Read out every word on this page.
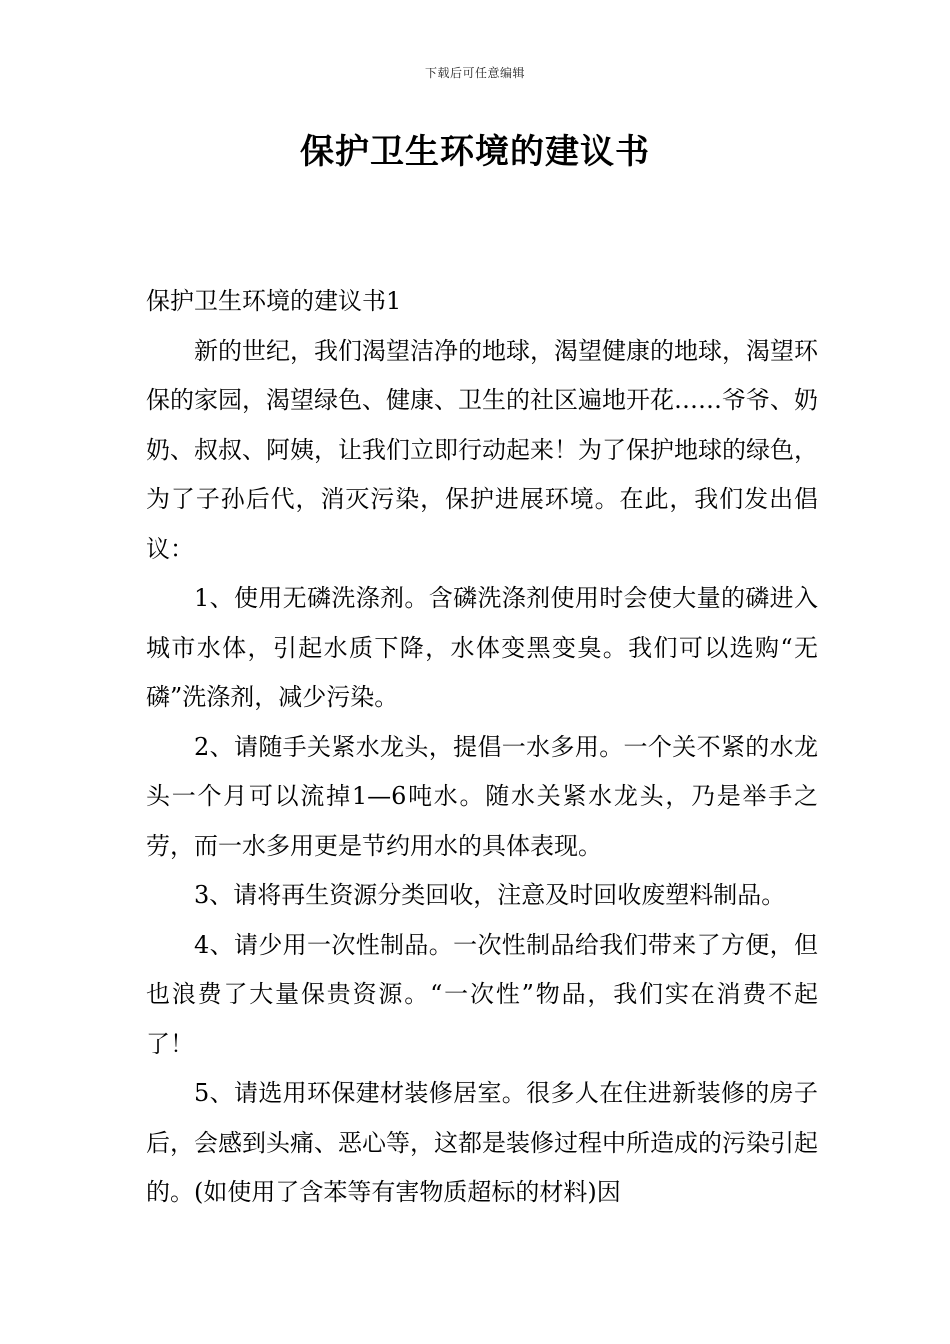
下载后可任意编辑
保护卫生环境的建议书

保护卫生环境的建议书1

新的世纪，我们渴望洁净的地球，渴望健康的地球，渴望环保的家园，渴望绿色、健康、卫生的社区遍地开花……爷爷、奶奶、叔叔、阿姨，让我们立即行动起来！为了保护地球的绿色，为了子孙后代，消灭污染，保护进展环境。在此，我们发出倡议：

1、使用无磷洗涤剂。含磷洗涤剂使用时会使大量的磷进入城市水体，引起水质下降，水体变黑变臭。我们可以选购“无磷”洗涤剂，减少污染。

2、请随手关紧水龙头，提倡一水多用。一个关不紧的水龙头一个月可以流掉1—6吨水。随水关紧水龙头，乃是举手之劳，而一水多用更是节约用水的具体表现。

3、请将再生资源分类回收，注意及时回收废塑料制品。

4、请少用一次性制品。一次性制品给我们带来了方便，但也浪费了大量保贵资源。“一次性”物品，我们实在消费不起了！

5、请选用环保建材装修居室。很多人在住进新装修的房子后，会感到头痛、恶心等，这都是装修过程中所造成的污染引起的。(如使用了含苯等有害物质超标的材料)因
